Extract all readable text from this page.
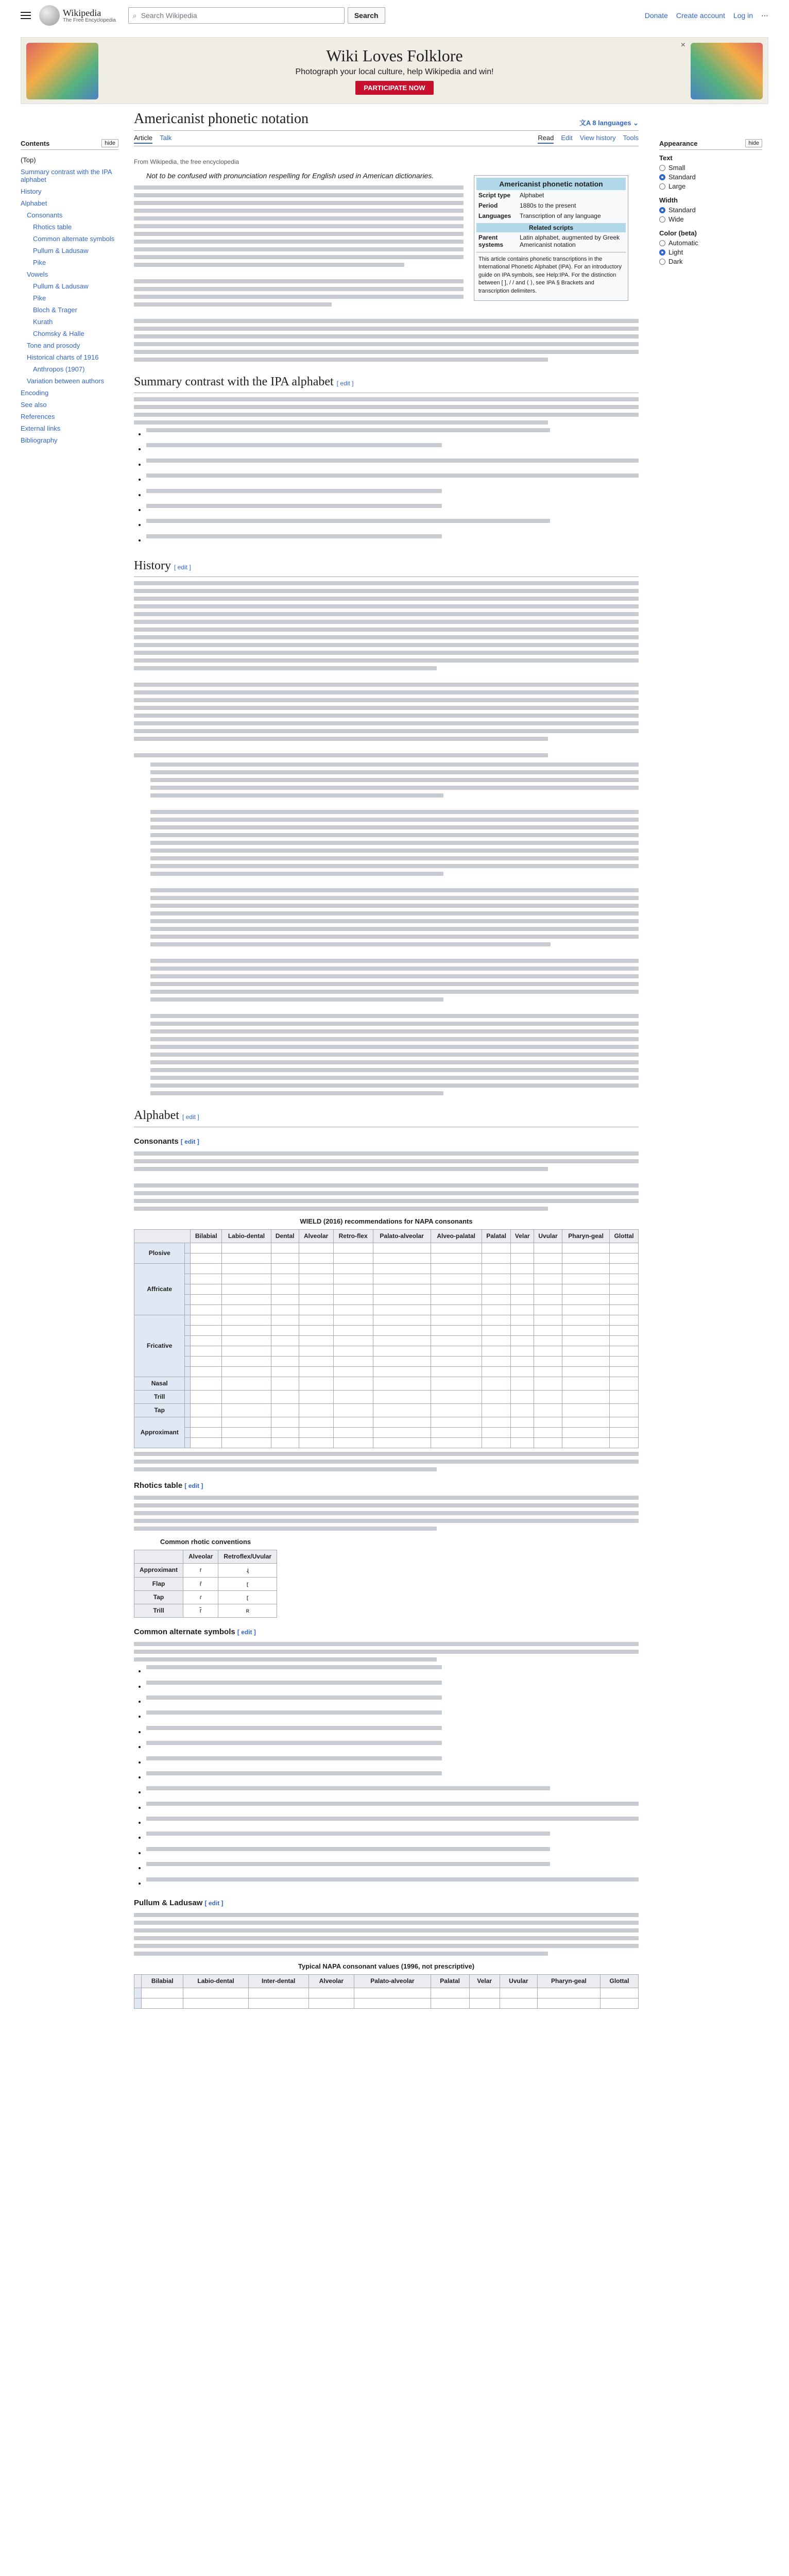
Wikipedia
The Free Encyclopedia
⌕ Search Wikipedia	Search	Donate Create account Log in ⋯
Wiki Loves Folklore
Photograph your local culture, help Wikipedia and win!
PARTICIPATE NOW
×
Americanist phonetic notation	文A 8 languages ⌄
Article Talk	Read Edit View history Tools
Contents	hide
(Top)
Summary contrast with the IPA alphabet
History
Alphabet
Consonants
Rhotics table
Common alternate symbols
Pullum & Ladusaw
Pike
Vowels
Pullum & Ladusaw
Pike
Bloch & Trager
Kurath
Chomsky & Halle
Tone and prosody
Historical charts of 1916
Anthropos (1907)
Variation between authors
Encoding
See also
References
External links
Bibliography
Appearance	hide
Text
Small
Standard
Large
Width
Standard
Wide
Color (beta)
Automatic
Light
Dark
Americanist phonetic notation
Script type	Alphabet
Period	1880s to the present
Languages	Transcription of any language
Related scripts
Parent systems
Latin alphabet, augmented by Greek Americanist notation
This article contains phonetic transcriptions in the International Phonetic Alphabet (IPA). For an introductory guide on IPA symbols, see Help:IPA. For the distinction between [ ], / / and ⟨ ⟩, see IPA § Brackets and transcription delimiters.
From Wikipedia, the free encyclopedia
Not to be confused with pronunciation respelling for English used in American dictionaries.
Summary contrast with the IPA alphabet [ edit ]
•
•
•
•
•
•
•
•
History [ edit ]
Alphabet [ edit ]
Consonants [ edit ]
WIELD (2016) recommendations for NAPA consonants
		Bilabial	Labio-dental	Dental	Alveolar	Retro-flex	Palato-alveolar	Alveo-palatal	Palatal	Velar	Uvular	Pharyn-geal	Glottal
Plosive													

Affricate													

Fricative													

Nasal													
Trill													
Tap													
Approximant													

Rhotics table [ edit ]
Common rhotic conventions
	Alveolar	Retroflex/Uvular
Approximant	r	ɻ
Flap	ř	ɽ
Tap	ɾ	ɽ
Trill	r̃	ʀ
Common alternate symbols [ edit ]
•
•
•
•
•
•
•
•
•
•
•
•
•
•
•
Pullum & Ladusaw [ edit ]
Typical NAPA consonant values (1996, not prescriptive)
	Bilabial	Labio-dental	Inter-dental	Alveolar	Palato-alveolar	Palatal	Velar	Uvular	Pharyn-geal	Glottal
